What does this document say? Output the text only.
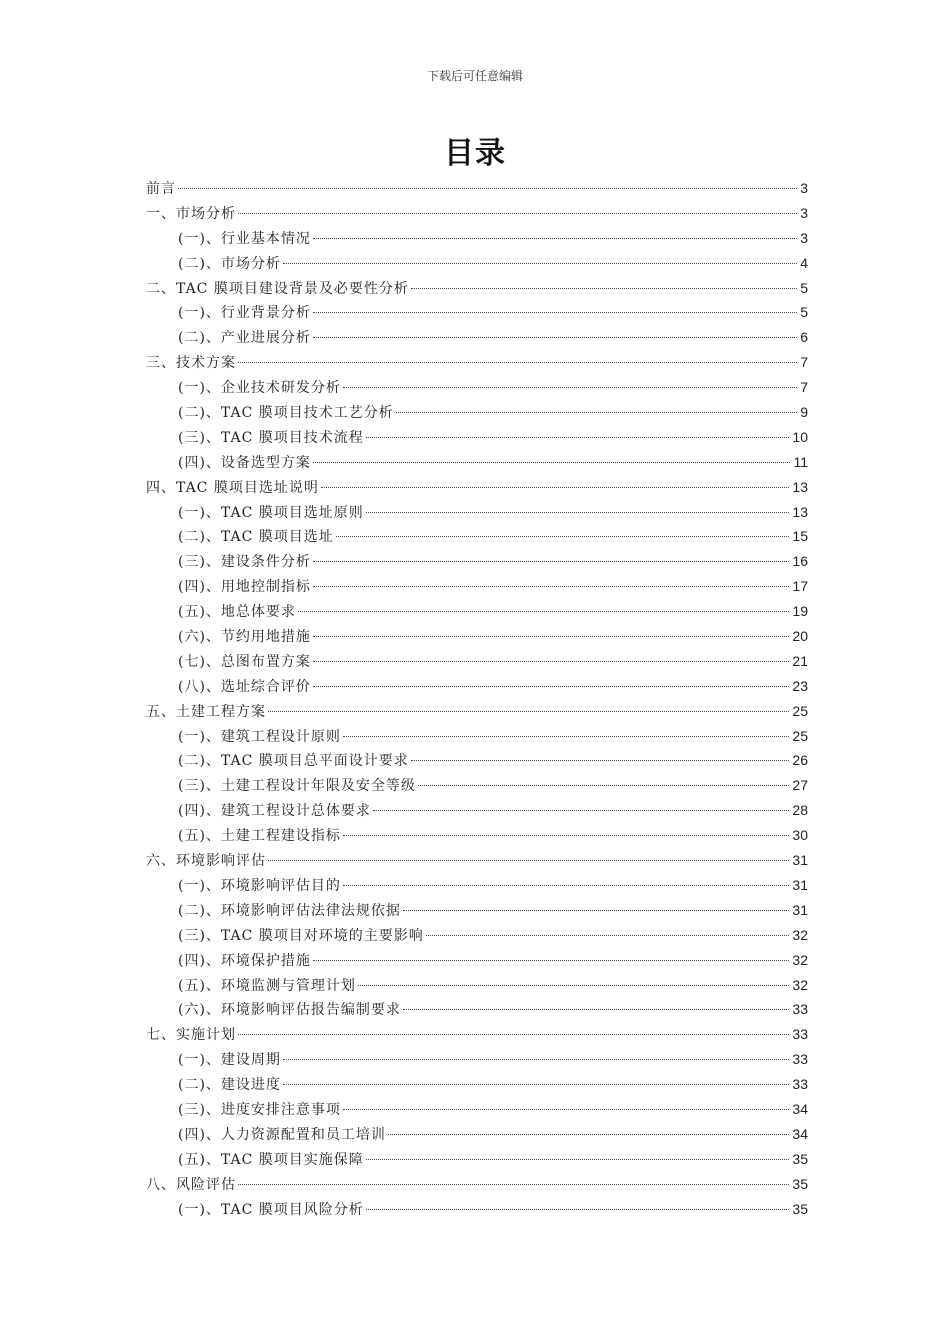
下载后可任意编辑
目录
前言	3
一、市场分析	3
(一)、行业基本情况	3
(二)、市场分析	4
二、TAC 膜项目建设背景及必要性分析	5
(一)、行业背景分析	5
(二)、产业进展分析	6
三、技术方案	7
(一)、企业技术研发分析	7
(二)、TAC 膜项目技术工艺分析	9
(三)、TAC 膜项目技术流程	10
(四)、设备选型方案	11
四、TAC 膜项目选址说明	13
(一)、TAC 膜项目选址原则	13
(二)、TAC 膜项目选址	15
(三)、建设条件分析	16
(四)、用地控制指标	17
(五)、地总体要求	19
(六)、节约用地措施	20
(七)、总图布置方案	21
(八)、选址综合评价	23
五、土建工程方案	25
(一)、建筑工程设计原则	25
(二)、TAC 膜项目总平面设计要求	26
(三)、土建工程设计年限及安全等级	27
(四)、建筑工程设计总体要求	28
(五)、土建工程建设指标	30
六、环境影响评估	31
(一)、环境影响评估目的	31
(二)、环境影响评估法律法规依据	31
(三)、TAC 膜项目对环境的主要影响	32
(四)、环境保护措施	32
(五)、环境监测与管理计划	32
(六)、环境影响评估报告编制要求	33
七、实施计划	33
(一)、建设周期	33
(二)、建设进度	33
(三)、进度安排注意事项	34
(四)、人力资源配置和员工培训	34
(五)、TAC 膜项目实施保障	35
八、风险评估	35
(一)、TAC 膜项目风险分析	35
